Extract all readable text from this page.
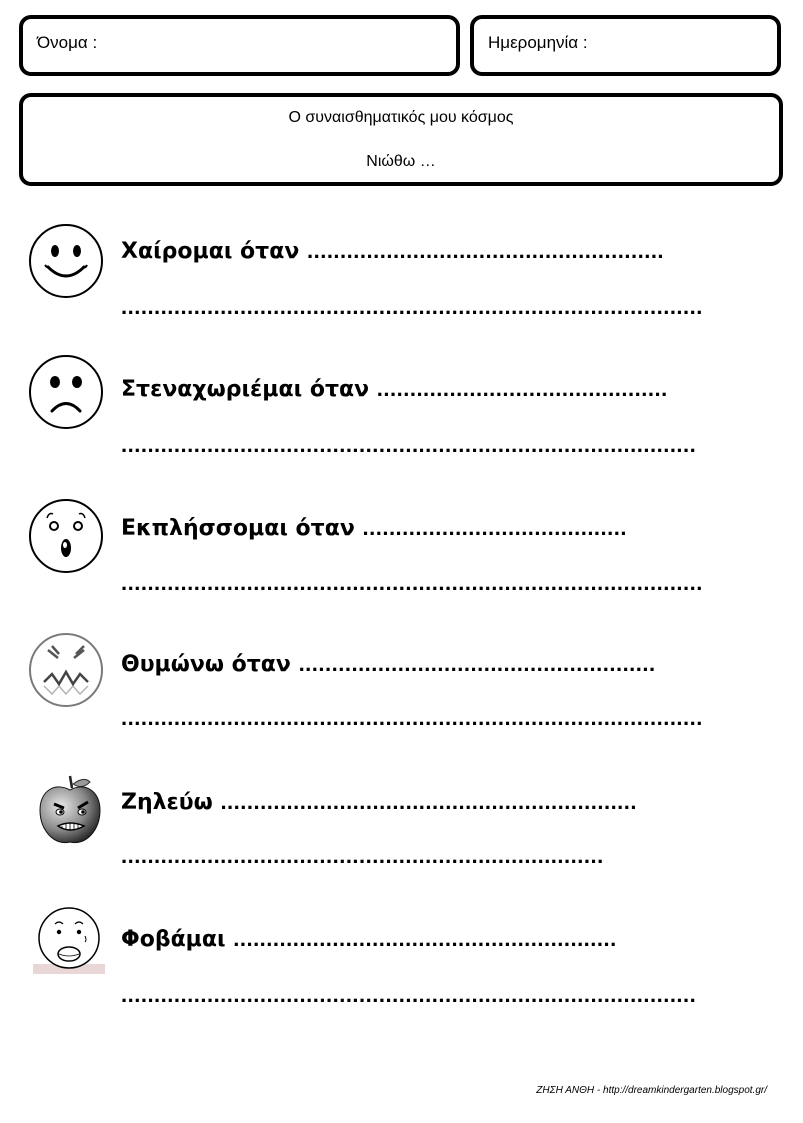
Όνομα :	Ημερομηνία :
Ο συναισθηματικός μου κόσμος
Νιώθω …
Χαίρομαι όταν ......................................................
........................................................................................
Στεναχωριέμαι όταν ............................................
.......................................................................................
Εκπλήσσομαι όταν ........................................
........................................................................................
Θυμώνω όταν ......................................................
........................................................................................
Ζηλεύω ...............................................................
.........................................................................
Φοβάμαι ..........................................................
.......................................................................................
ΖΗΣΗ ΑΝΘΗ - http://dreamkindergarten.blogspot.gr/
